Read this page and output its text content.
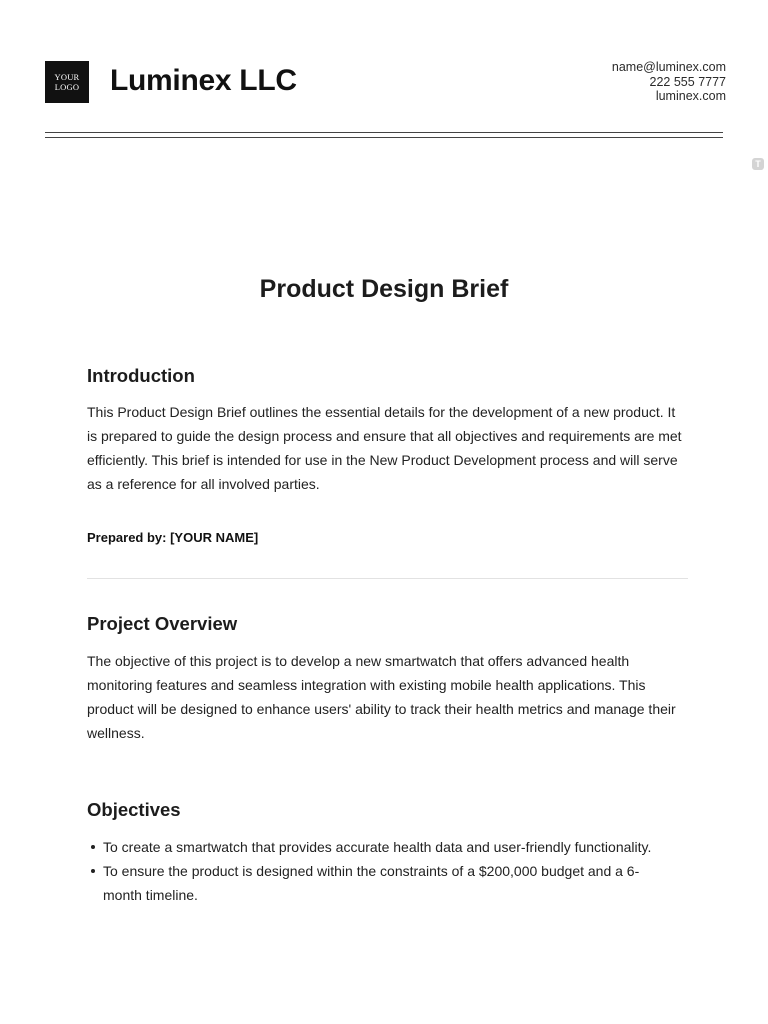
YOUR
LOGO Luminex LLC	name@luminex.com
222 555 7777
luminex.com
T
Product Design Brief
Introduction

This Product Design Brief outlines the essential details for the development of a new product. It is prepared to guide the design process and ensure that all objectives and requirements are met efficiently. This brief is intended for use in the New Product Development process and will serve as a reference for all involved parties.

Prepared by: [YOUR NAME]
Project Overview

The objective of this project is to develop a new smartwatch that offers advanced health monitoring features and seamless integration with existing mobile health applications. This product will be designed to enhance users' ability to track their health metrics and manage their wellness.

Objectives
To create a smartwatch that provides accurate health data and user-friendly functionality.
To ensure the product is designed within the constraints of a $200,000 budget and a 6-month timeline.
